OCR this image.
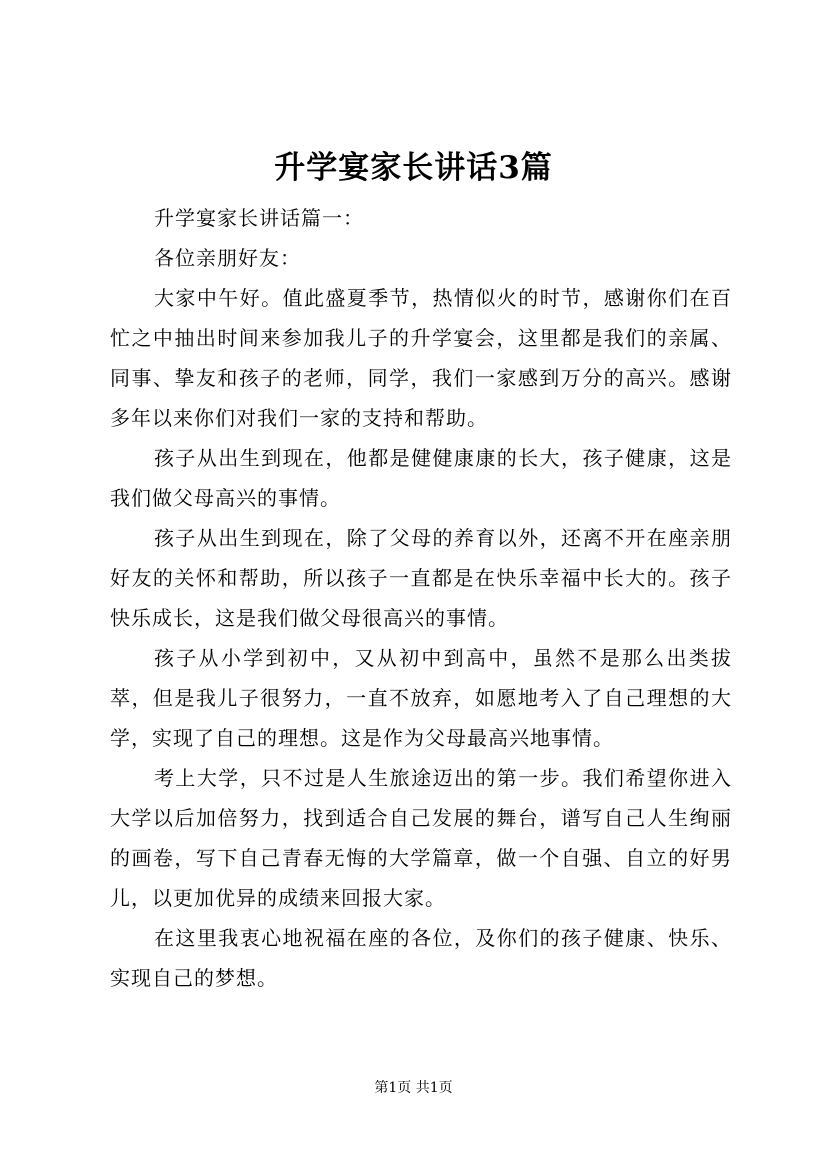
升学宴家长讲话3篇

升学宴家长讲话篇一：

各位亲朋好友：

大家中午好。值此盛夏季节，热情似火的时节，感谢你们在百忙之中抽出时间来参加我儿子的升学宴会，这里都是我们的亲属、同事、挚友和孩子的老师，同学，我们一家感到万分的高兴。感谢多年以来你们对我们一家的支持和帮助。

孩子从出生到现在，他都是健健康康的长大，孩子健康，这是我们做父母高兴的事情。

孩子从出生到现在，除了父母的养育以外，还离不开在座亲朋好友的关怀和帮助，所以孩子一直都是在快乐幸福中长大的。孩子快乐成长，这是我们做父母很高兴的事情。

孩子从小学到初中，又从初中到高中，虽然不是那么出类拔萃，但是我儿子很努力，一直不放弃，如愿地考入了自己理想的大学，实现了自己的理想。这是作为父母最高兴地事情。

考上大学，只不过是人生旅途迈出的第一步。我们希望你进入大学以后加倍努力，找到适合自己发展的舞台，谱写自己人生绚丽的画卷，写下自己青春无悔的大学篇章，做一个自强、自立的好男儿，以更加优异的成绩来回报大家。

在这里我衷心地祝福在座的各位，及你们的孩子健康、快乐、实现自己的梦想。

第1页 共1页
